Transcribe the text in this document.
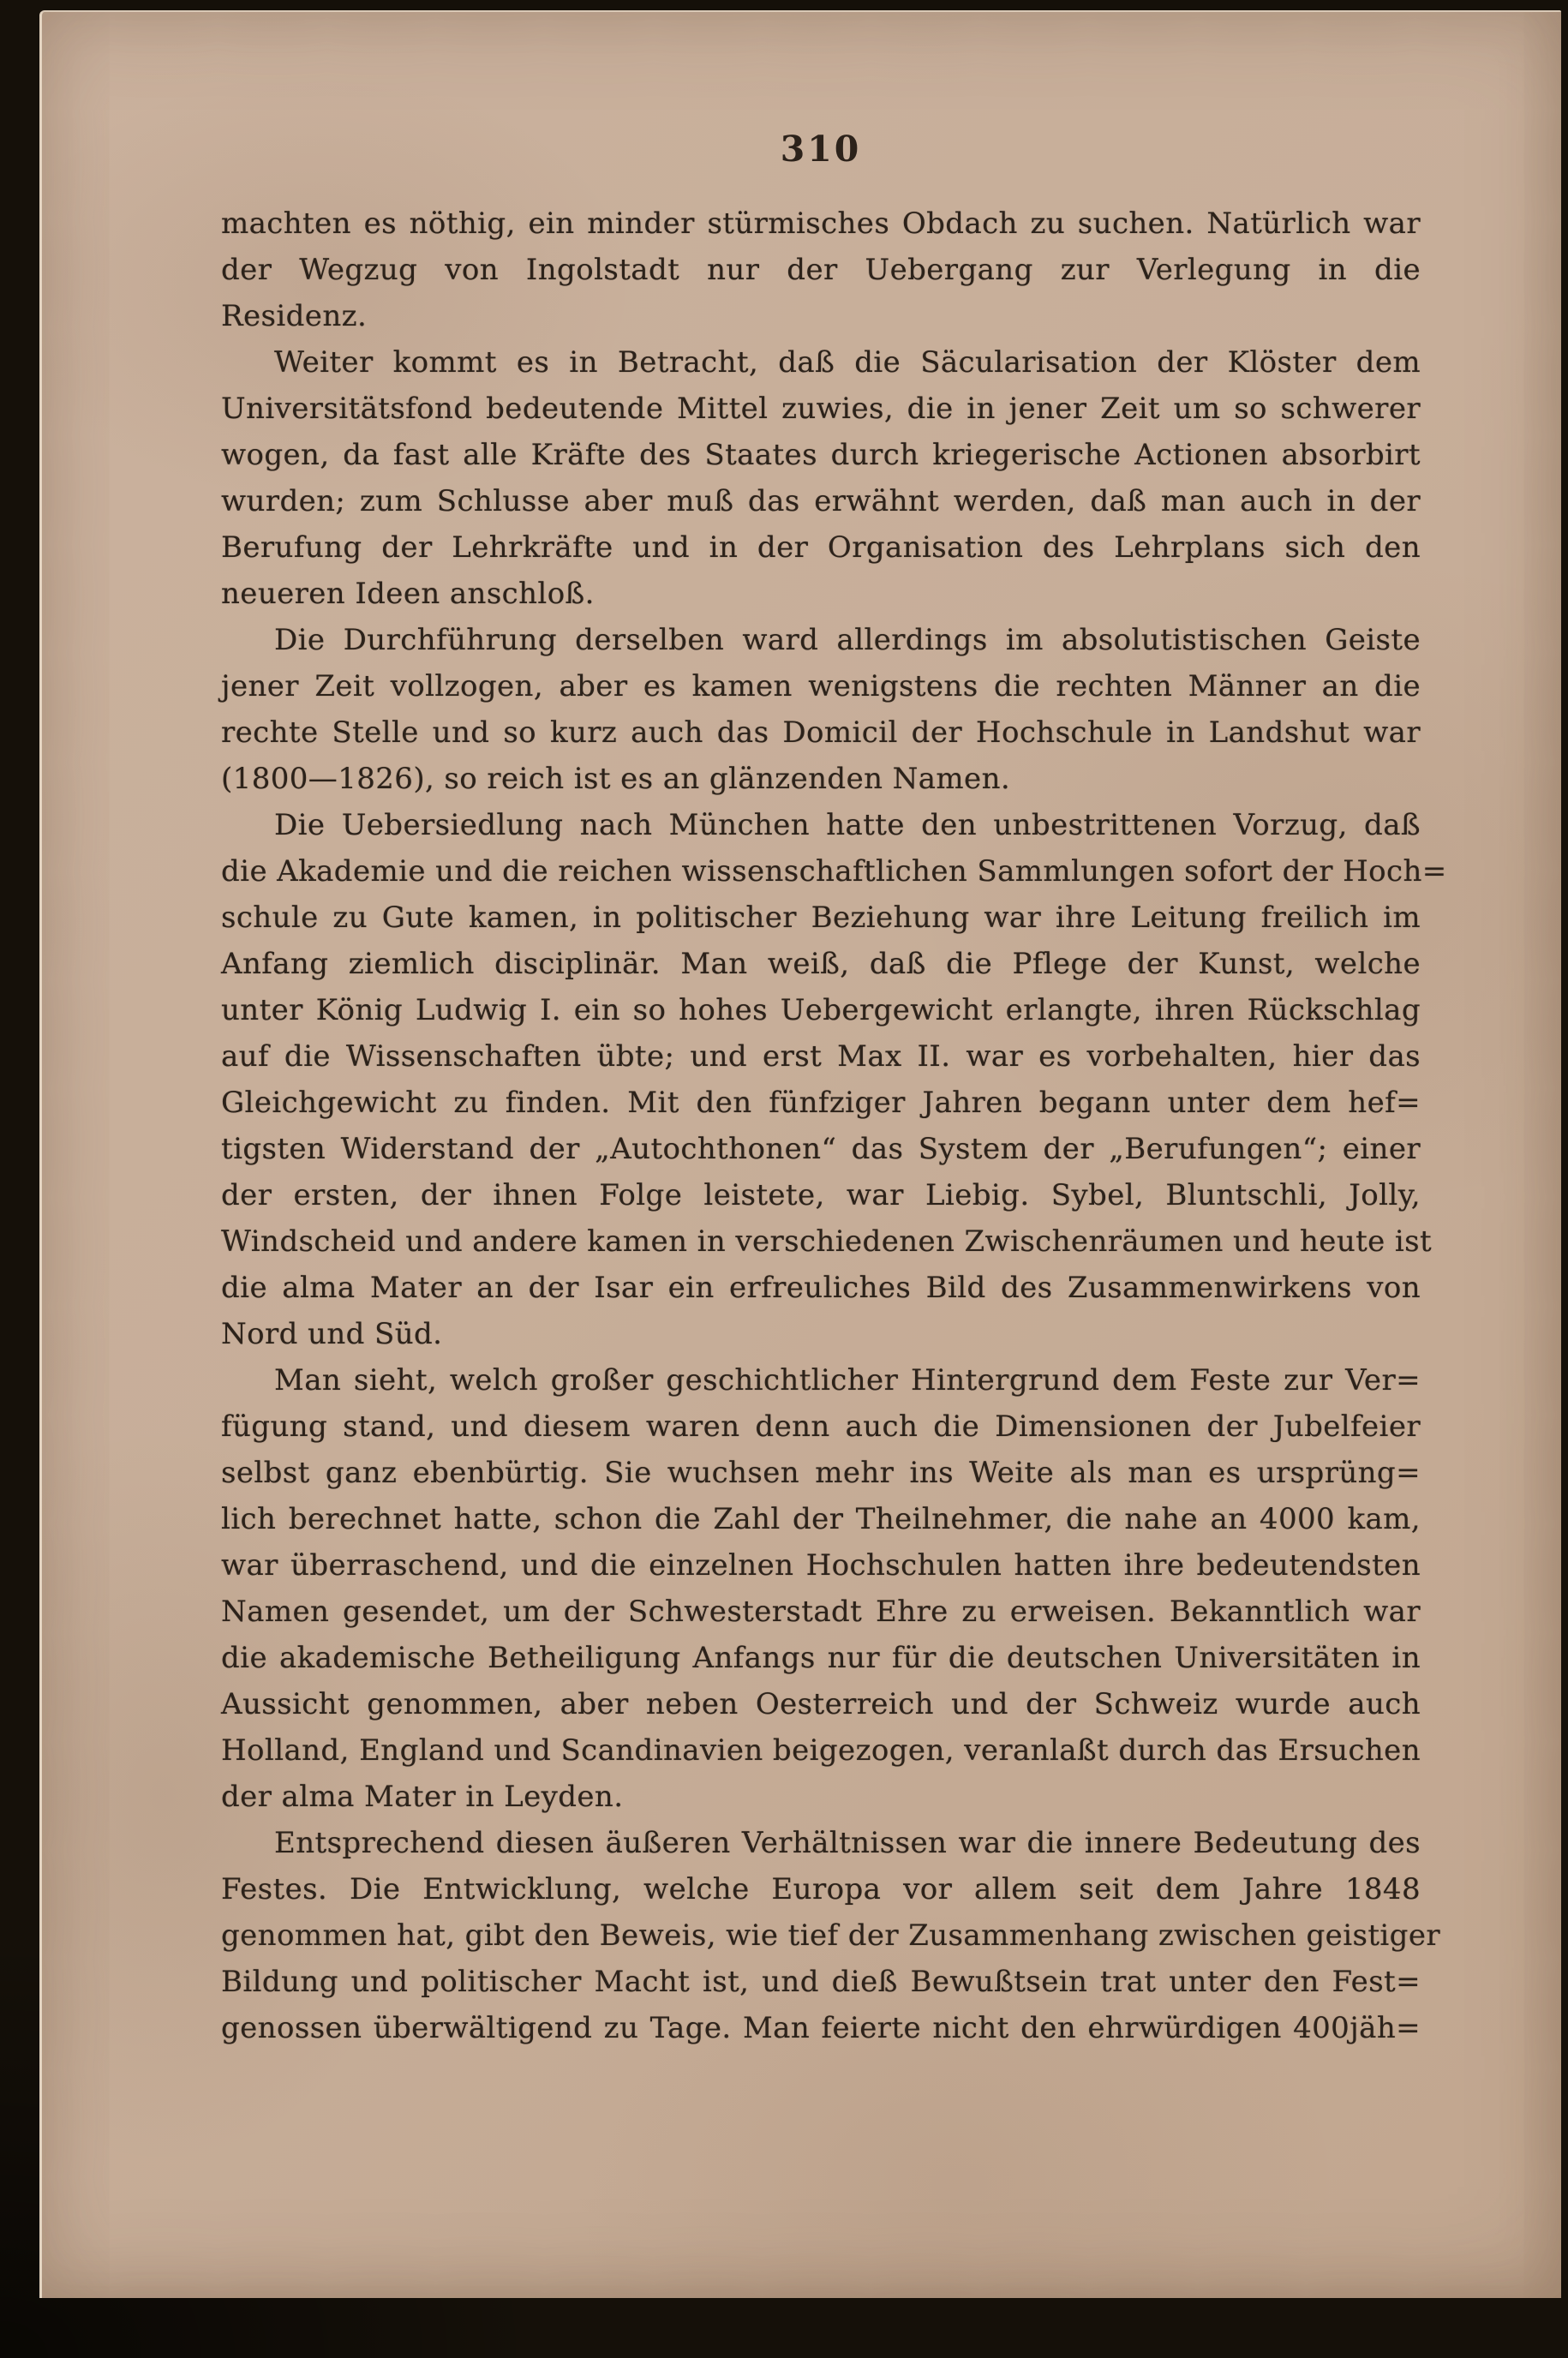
310
machten es nöthig, ein minder stürmisches Obdach zu suchen. Natürlich war
der Wegzug von Ingolstadt nur der Uebergang zur Verlegung in die
Residenz.
Weiter kommt es in Betracht, daß die Säcularisation der Klöster dem
Universitätsfond bedeutende Mittel zuwies, die in jener Zeit um so schwerer
wogen, da fast alle Kräfte des Staates durch kriegerische Actionen absorbirt
wurden; zum Schlusse aber muß das erwähnt werden, daß man auch in der
Berufung der Lehrkräfte und in der Organisation des Lehrplans sich den
neueren Ideen anschloß.
Die Durchführung derselben ward allerdings im absolutistischen Geiste
jener Zeit vollzogen, aber es kamen wenigstens die rechten Männer an die
rechte Stelle und so kurz auch das Domicil der Hochschule in Landshut war
(1800—1826), so reich ist es an glänzenden Namen.
Die Uebersiedlung nach München hatte den unbestrittenen Vorzug, daß
die Akademie und die reichen wissenschaftlichen Sammlungen sofort der Hoch=
schule zu Gute kamen, in politischer Beziehung war ihre Leitung freilich im
Anfang ziemlich disciplinär. Man weiß, daß die Pflege der Kunst, welche
unter König Ludwig I. ein so hohes Uebergewicht erlangte, ihren Rückschlag
auf die Wissenschaften übte; und erst Max II. war es vorbehalten, hier das
Gleichgewicht zu finden. Mit den fünfziger Jahren begann unter dem hef=
tigsten Widerstand der „Autochthonen“ das System der „Berufungen“; einer
der ersten, der ihnen Folge leistete, war Liebig. Sybel, Bluntschli, Jolly,
Windscheid und andere kamen in verschiedenen Zwischenräumen und heute ist
die alma Mater an der Isar ein erfreuliches Bild des Zusammenwirkens von
Nord und Süd.
Man sieht, welch großer geschichtlicher Hintergrund dem Feste zur Ver=
fügung stand, und diesem waren denn auch die Dimensionen der Jubelfeier
selbst ganz ebenbürtig. Sie wuchsen mehr ins Weite als man es ursprüng=
lich berechnet hatte, schon die Zahl der Theilnehmer, die nahe an 4000 kam,
war überraschend, und die einzelnen Hochschulen hatten ihre bedeutendsten
Namen gesendet, um der Schwesterstadt Ehre zu erweisen. Bekanntlich war
die akademische Betheiligung Anfangs nur für die deutschen Universitäten in
Aussicht genommen, aber neben Oesterreich und der Schweiz wurde auch
Holland, England und Scandinavien beigezogen, veranlaßt durch das Ersuchen
der alma Mater in Leyden.
Entsprechend diesen äußeren Verhältnissen war die innere Bedeutung des
Festes. Die Entwicklung, welche Europa vor allem seit dem Jahre 1848
genommen hat, gibt den Beweis, wie tief der Zusammenhang zwischen geistiger
Bildung und politischer Macht ist, und dieß Bewußtsein trat unter den Fest=
genossen überwältigend zu Tage. Man feierte nicht den ehrwürdigen 400jäh=
